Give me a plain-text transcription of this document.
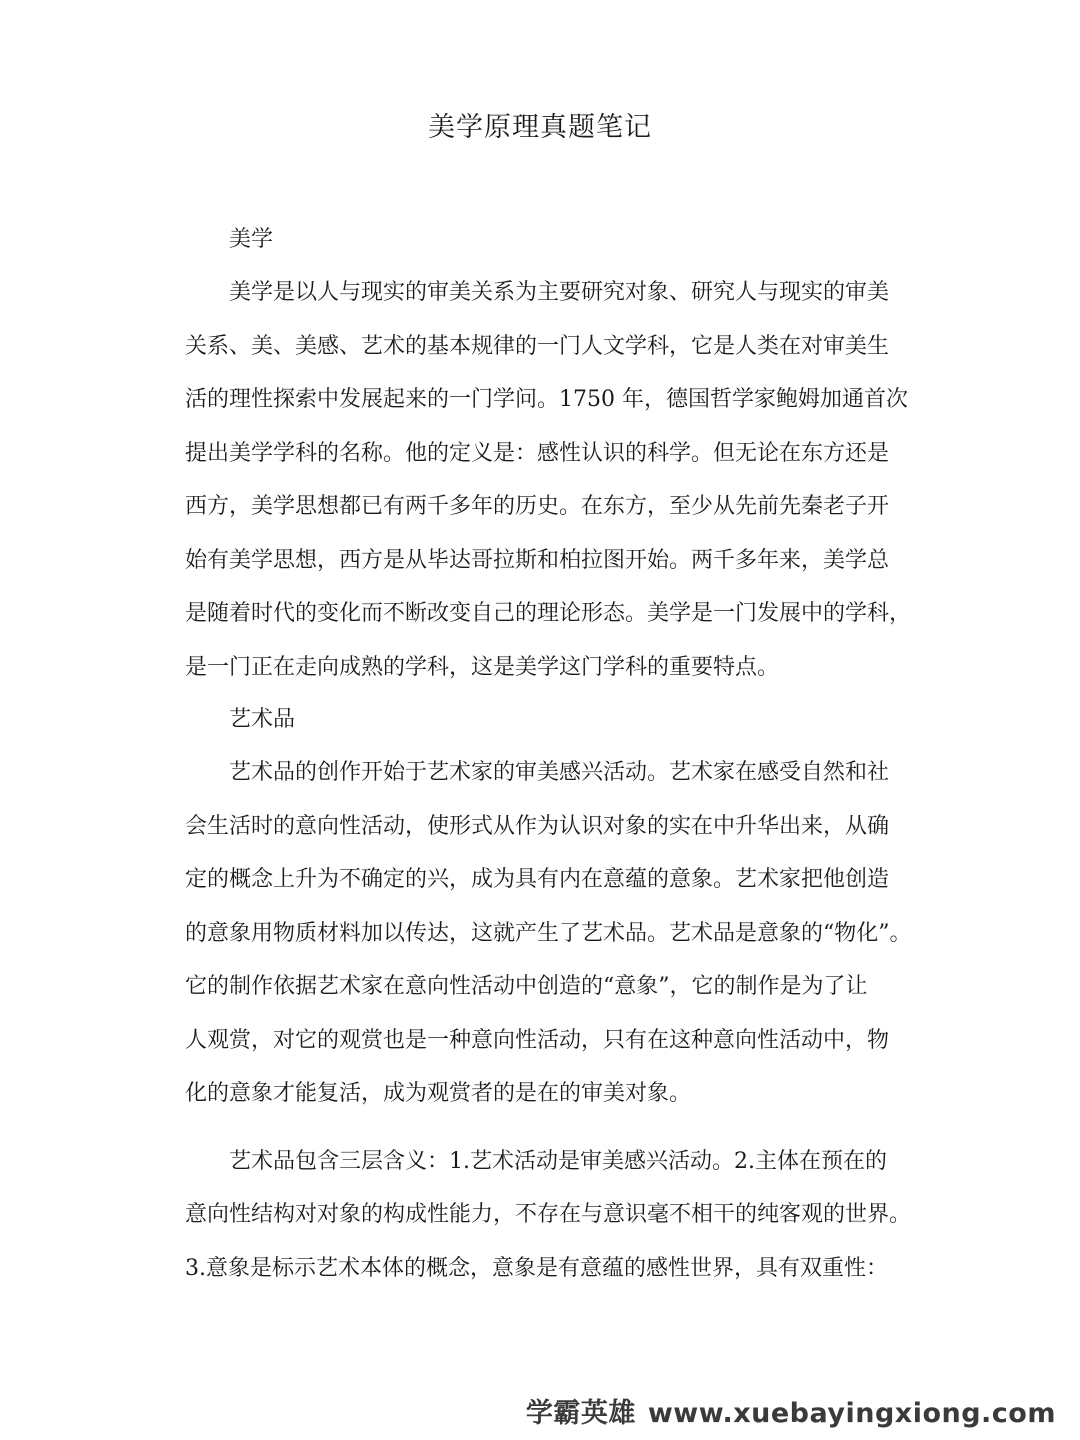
美学原理真题笔记

美学

美学是以人与现实的审美关系为主要研究对象、研究人与现实的审美
关系、美、美感、艺术的基本规律的一门人文学科，它是人类在对审美生
活的理性探索中发展起来的一门学问。1750 年，德国哲学家鲍姆加通首次
提出美学学科的名称。他的定义是：感性认识的科学。但无论在东方还是
西方，美学思想都已有两千多年的历史。在东方，至少从先前先秦老子开
始有美学思想，西方是从毕达哥拉斯和柏拉图开始。两千多年来，美学总
是随着时代的变化而不断改变自己的理论形态。美学是一门发展中的学科，
是一门正在走向成熟的学科，这是美学这门学科的重要特点。

艺术品

艺术品的创作开始于艺术家的审美感兴活动。艺术家在感受自然和社
会生活时的意向性活动，使形式从作为认识对象的实在中升华出来，从确
定的概念上升为不确定的兴，成为具有内在意蕴的意象。艺术家把他创造
的意象用物质材料加以传达，这就产生了艺术品。艺术品是意象的“物化”。
它的制作依据艺术家在意向性活动中创造的“意象”，它的制作是为了让
人观赏，对它的观赏也是一种意向性活动，只有在这种意向性活动中，物
化的意象才能复活，成为观赏者的是在的审美对象。
艺术品包含三层含义：1.艺术活动是审美感兴活动。2.主体在预在的
意向性结构对对象的构成性能力，不存在与意识毫不相干的纯客观的世界。
3.意象是标示艺术本体的概念，意象是有意蕴的感性世界，具有双重性：
学霸英雄 www.xuebayingxiong.com
